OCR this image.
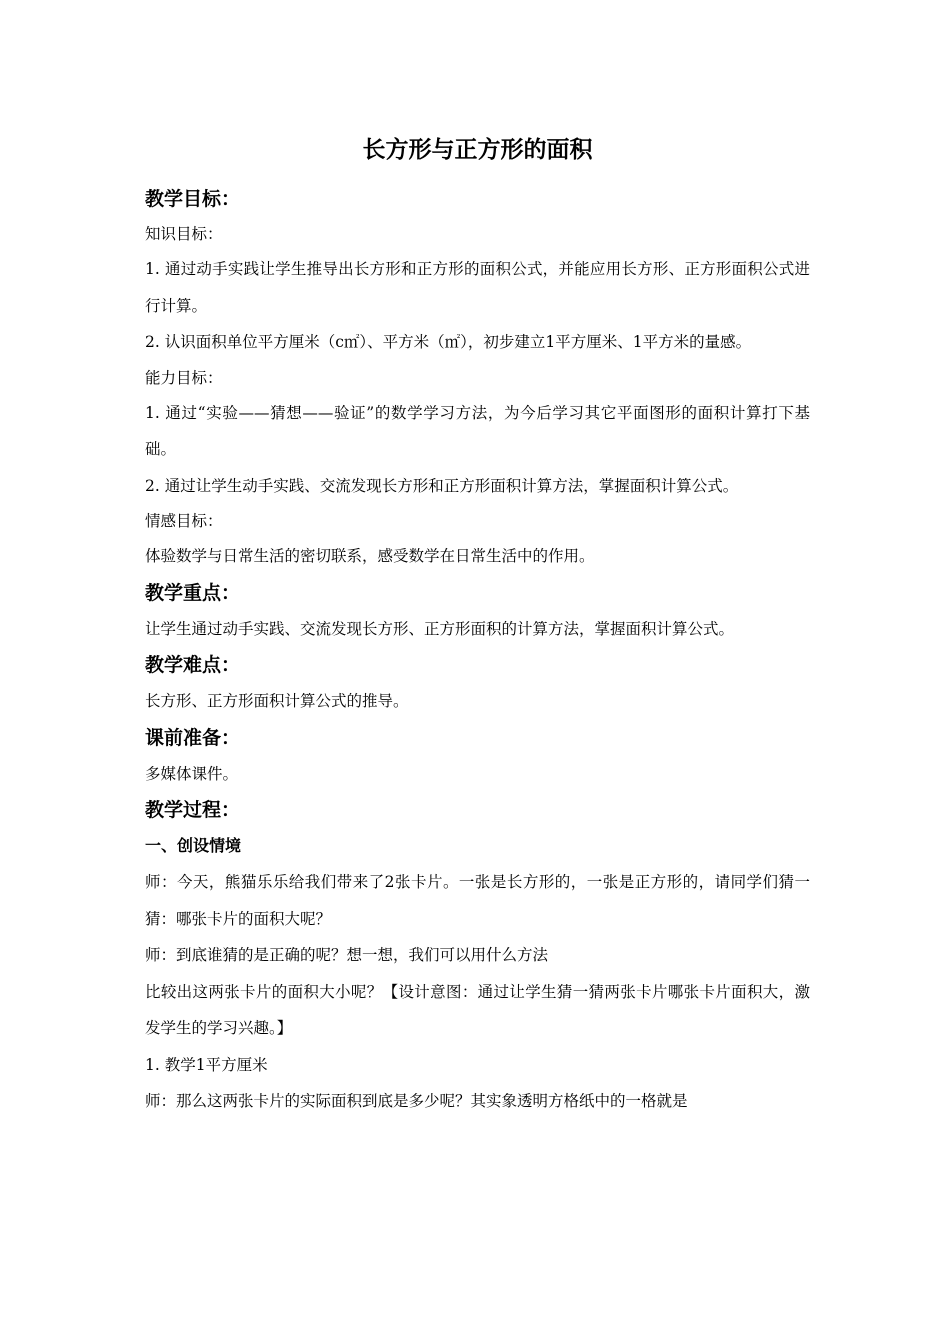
长方形与正方形的面积
教学目标：
知识目标：
1. 通过动手实践让学生推导出长方形和正方形的面积公式，并能应用长方形、正方形面积公式进行计算。
2. 认识面积单位平方厘米（c㎡）、平方米（㎡），初步建立1平方厘米、1平方米的量感。
能力目标：
1. 通过“实验——猜想——验证”的数学学习方法，为今后学习其它平面图形的面积计算打下基础。
2. 通过让学生动手实践、交流发现长方形和正方形面积计算方法，掌握面积计算公式。
情感目标：
体验数学与日常生活的密切联系，感受数学在日常生活中的作用。
教学重点：
让学生通过动手实践、交流发现长方形、正方形面积的计算方法，掌握面积计算公式。
教学难点：
长方形、正方形面积计算公式的推导。
课前准备：
多媒体课件。
教学过程：
一、创设情境
师：今天，熊猫乐乐给我们带来了2张卡片。一张是长方形的，一张是正方形的，请同学们猜一猜：哪张卡片的面积大呢？
师：到底谁猜的是正确的呢？想一想，我们可以用什么方法
比较出这两张卡片的面积大小呢？【设计意图：通过让学生猜一猜两张卡片哪张卡片面积大，激发学生的学习兴趣。】
1. 教学1平方厘米
师：那么这两张卡片的实际面积到底是多少呢？其实象透明方格纸中的一格就是
